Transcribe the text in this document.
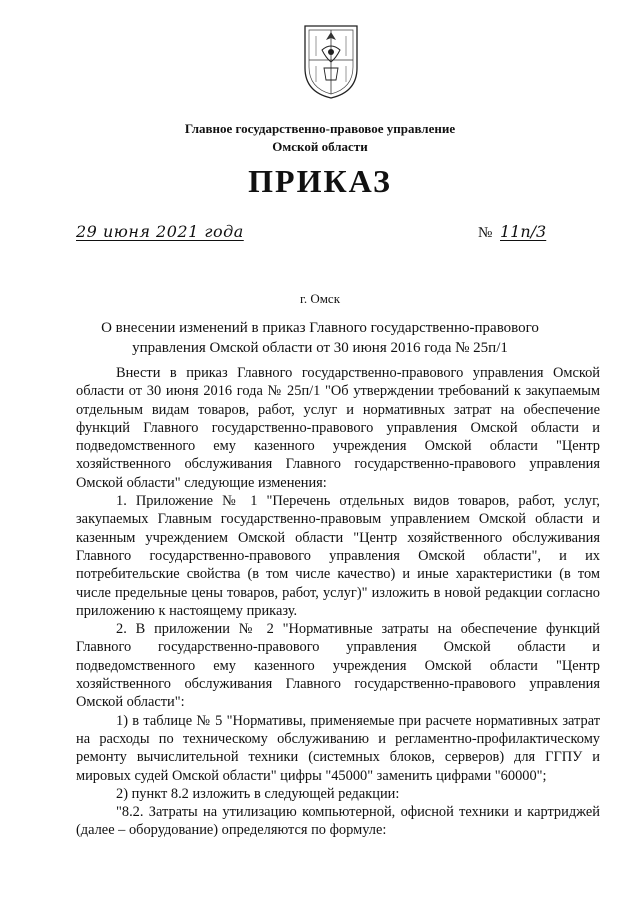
Главное государственно-правовое управление
Омской области
ПРИКАЗ
29 июня 2021 года	№ 11п/3
г. Омск
О внесении изменений в приказ Главного государственно-правового управления Омской области от 30 июня 2016 года № 25п/1

Внести в приказ Главного государственно-правового управления Омской области от 30 июня 2016 года № 25п/1 "Об утверждении требований к закупаемым отдельным видам товаров, работ, услуг и нормативных затрат на обеспечение функций Главного государственно-правового управления Омской области и подведомственного ему казенного учреждения Омской области "Центр хозяйственного обслуживания Главного государственно-правового управления Омской области" следующие изменения:

1. Приложение № 1 "Перечень отдельных видов товаров, работ, услуг, закупаемых Главным государственно-правовым управлением Омской области и казенным учреждением Омской области "Центр хозяйственного обслуживания Главного государственно-правового управления Омской области", и их потребительские свойства (в том числе качество) и иные характеристики (в том числе предельные цены товаров, работ, услуг)" изложить в новой редакции согласно приложению к настоящему приказу.

2. В приложении № 2 "Нормативные затраты на обеспечение функций Главного государственно-правового управления Омской области и подведомственного ему казенного учреждения Омской области "Центр хозяйственного обслуживания Главного государственно-правового управления Омской области":

1) в таблице № 5 "Нормативы, применяемые при расчете нормативных затрат на расходы по техническому обслуживанию и регламентно-профилактическому ремонту вычислительной техники (системных блоков, серверов) для ГГПУ и мировых судей Омской области" цифры "45000" заменить цифрами "60000";

2) пункт 8.2 изложить в следующей редакции:

"8.2. Затраты на утилизацию компьютерной, офисной техники и картриджей (далее – оборудование) определяются по формуле:
